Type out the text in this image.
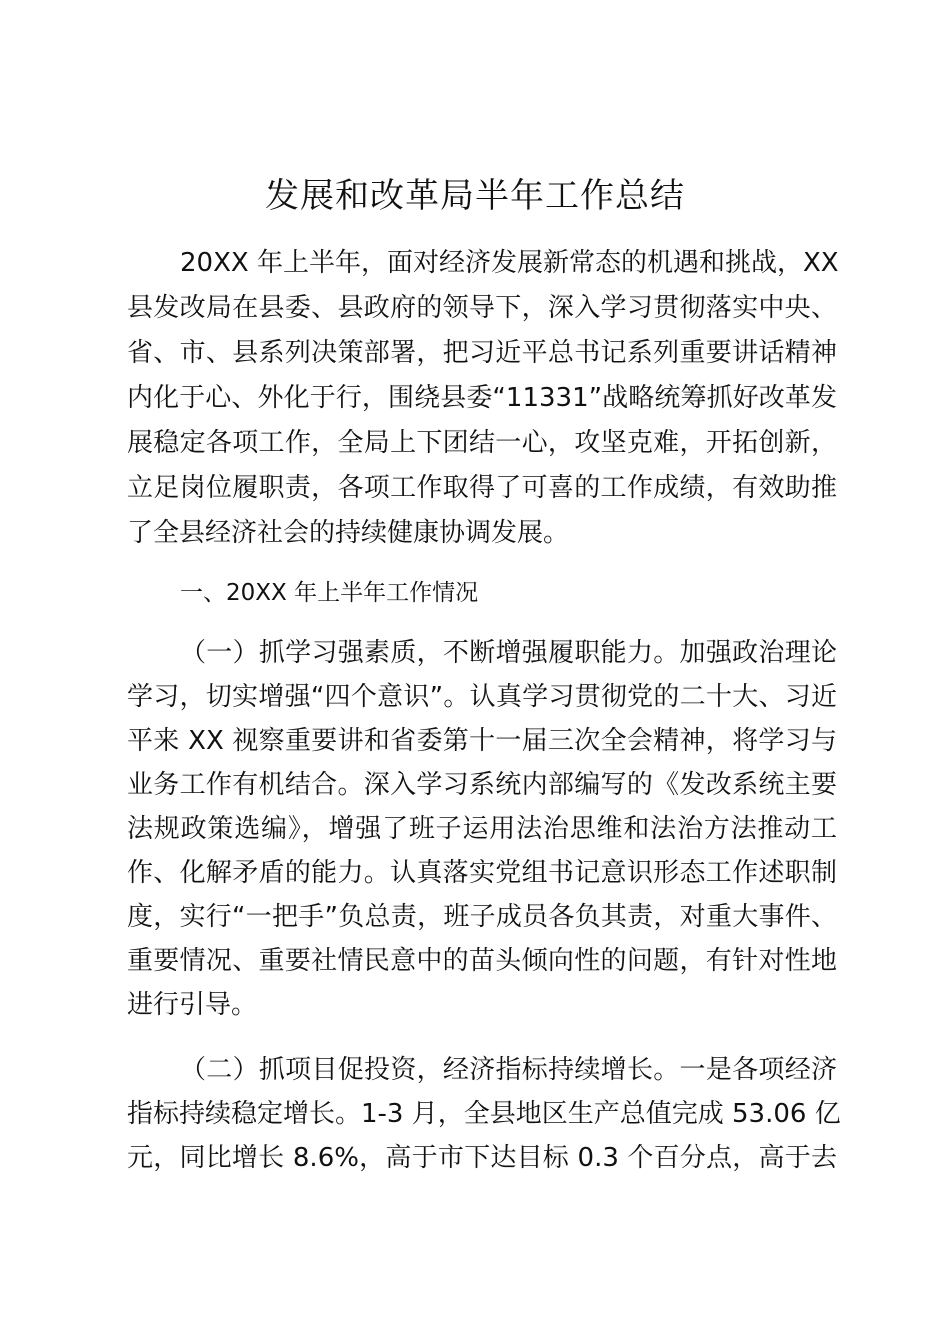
发展和改革局半年工作总结

20XX 年上半年，面对经济发展新常态的机遇和挑战，XX

县发改局在县委、县政府的领导下，深入学习贯彻落实中央、

省、市、县系列决策部署，把习近平总书记系列重要讲话精神

内化于心、外化于行，围绕县委“11331”战略统筹抓好改革发

展稳定各项工作，全局上下团结一心，攻坚克难，开拓创新，

立足岗位履职责，各项工作取得了可喜的工作成绩，有效助推

了全县经济社会的持续健康协调发展。

一、20XX 年上半年工作情况

（一）抓学习强素质，不断增强履职能力。加强政治理论

学习，切实增强“四个意识”。认真学习贯彻党的二十大、习近

平来 XX 视察重要讲和省委第十一届三次全会精神，将学习与

业务工作有机结合。深入学习系统内部编写的《发改系统主要

法规政策选编》，增强了班子运用法治思维和法治方法推动工

作、化解矛盾的能力。认真落实党组书记意识形态工作述职制

度，实行“一把手”负总责，班子成员各负其责，对重大事件、

重要情况、重要社情民意中的苗头倾向性的问题，有针对性地

进行引导。

（二）抓项目促投资，经济指标持续增长。一是各项经济

指标持续稳定增长。1-3 月，全县地区生产总值完成 53.06 亿

元，同比增长 8.6%，高于市下达目标 0.3 个百分点，高于去
